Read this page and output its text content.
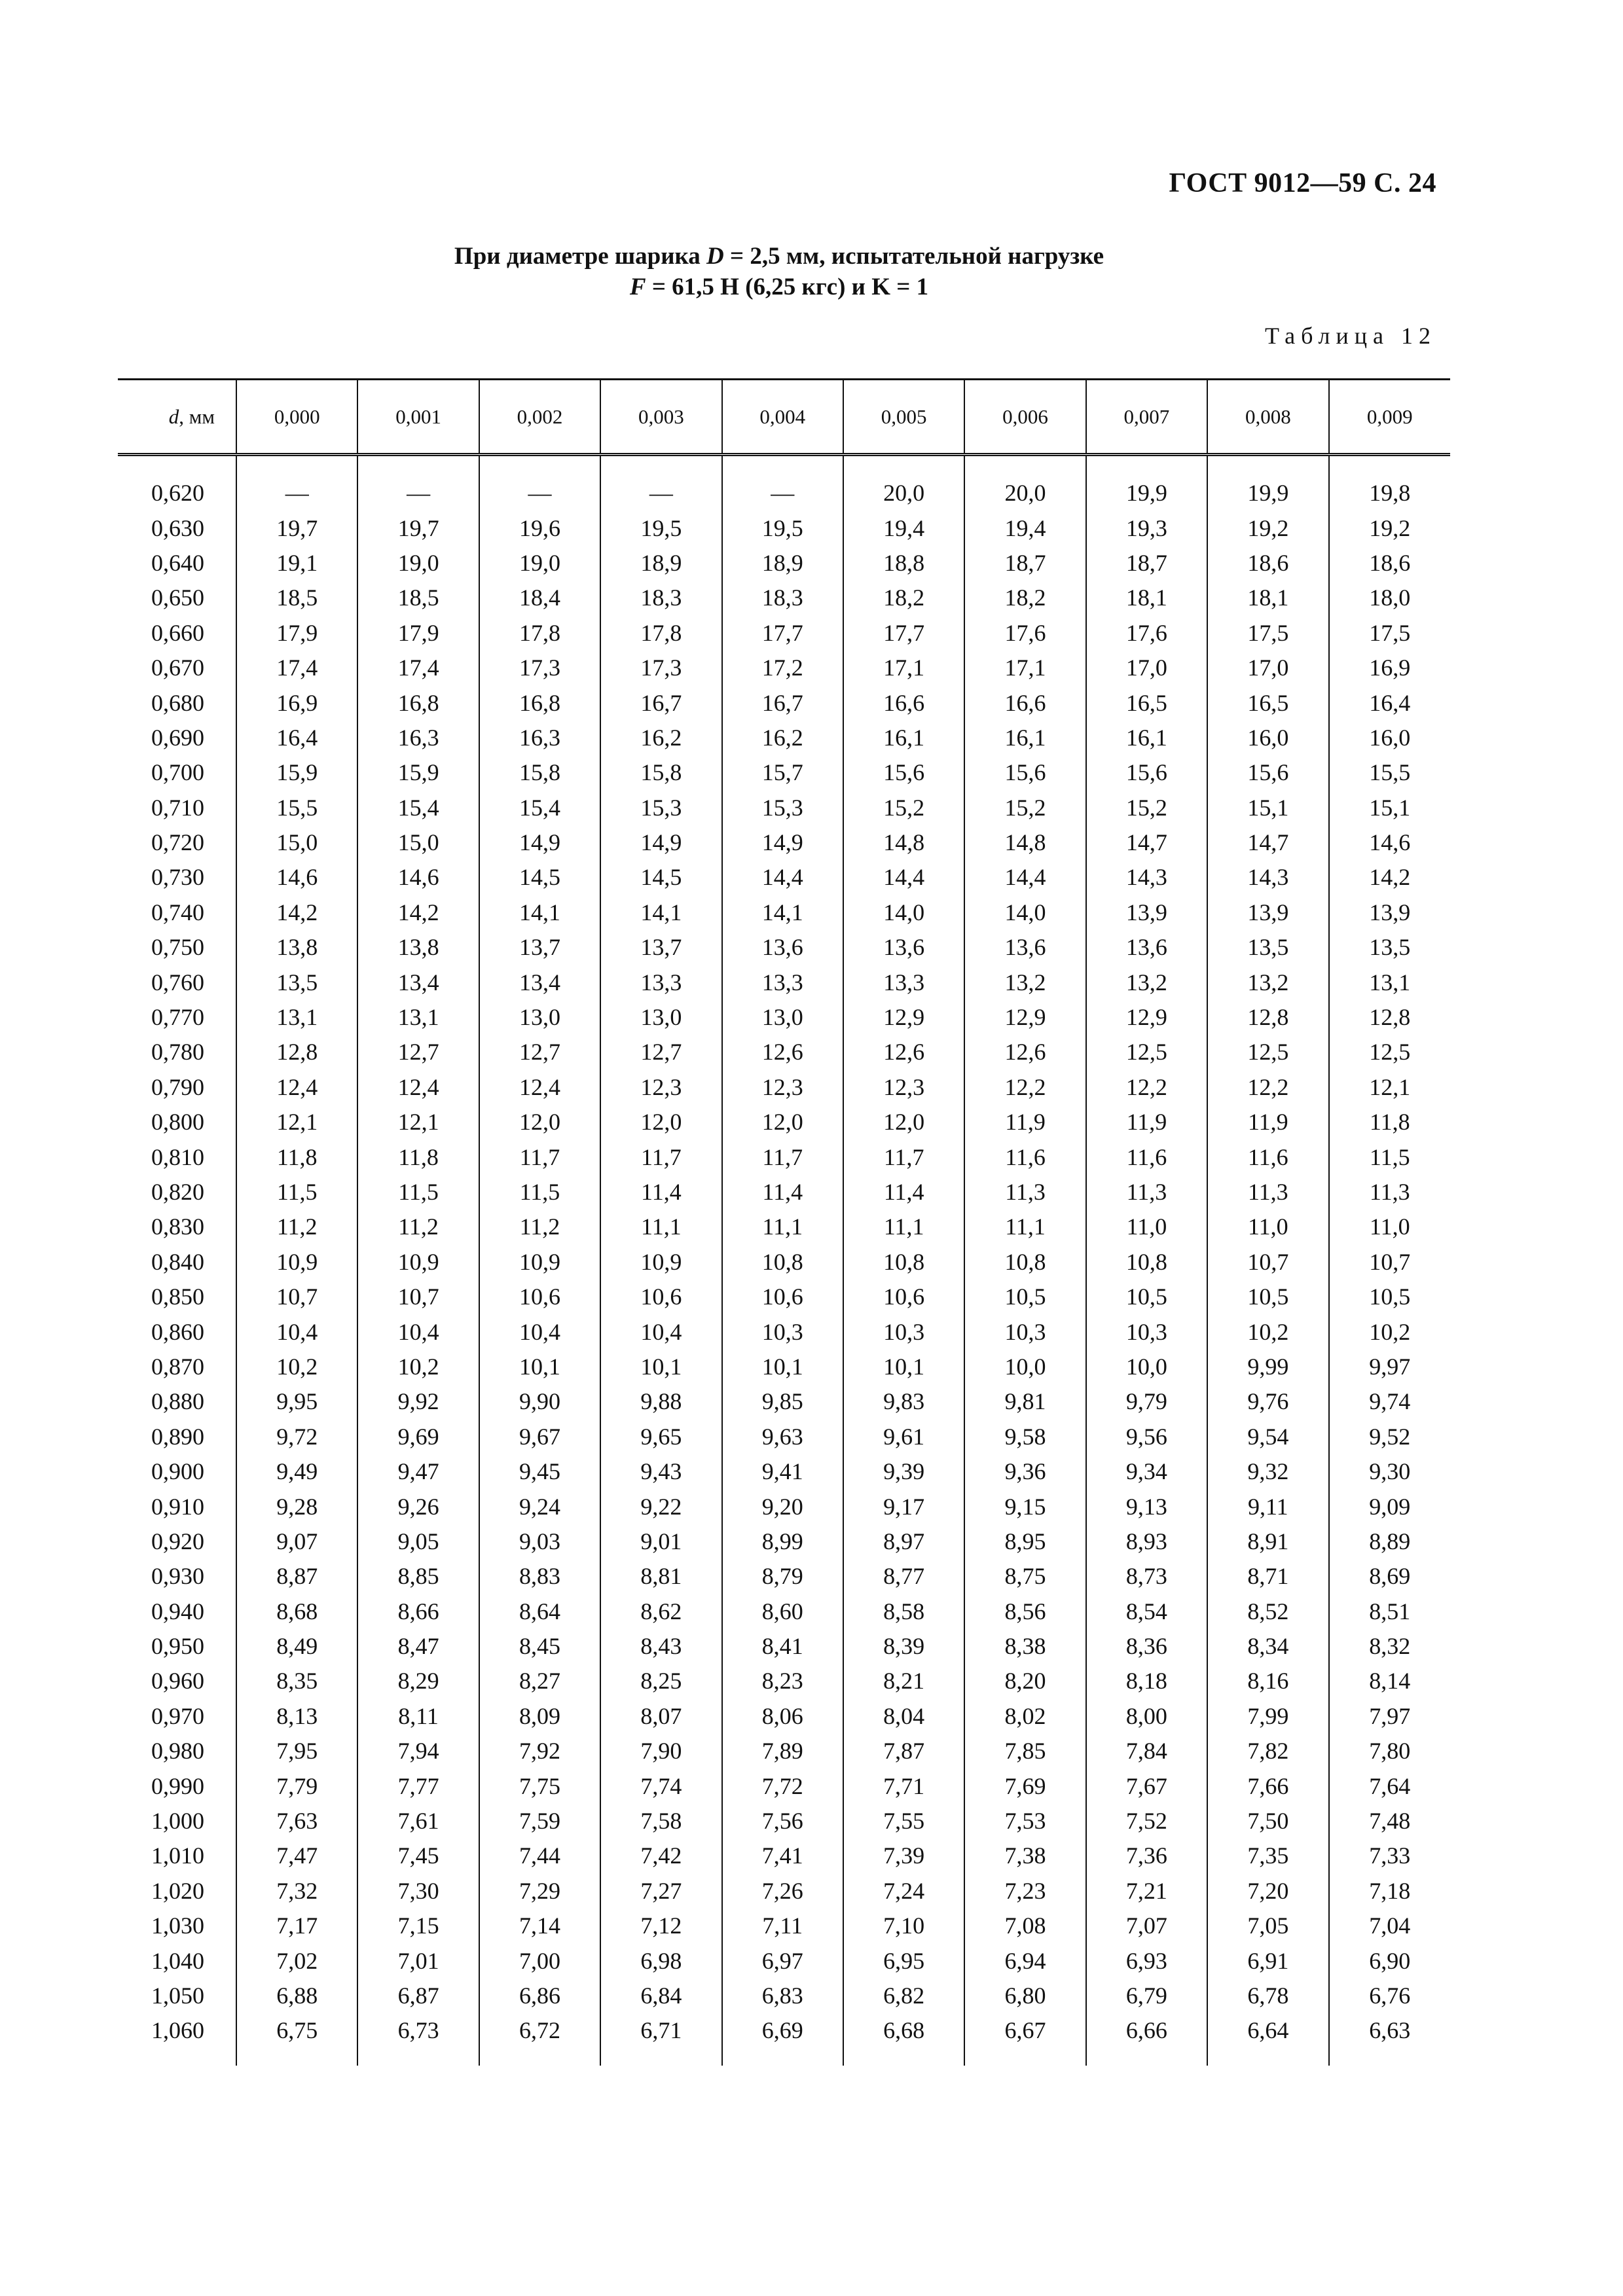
ГОСТ 9012—59 С. 24
При диаметре шарика D = 2,5 мм, испытательной нагрузке
F = 61,5 Н (6,25 кгс) и K = 1
Таблица 12
d, мм	0,000	0,001	0,002	0,003	0,004	0,005	0,006	0,007	0,008	0,009
0,620	—	—	—	—	—	20,0	20,0	19,9	19,9	19,8
0,630	19,7	19,7	19,6	19,5	19,5	19,4	19,4	19,3	19,2	19,2
0,640	19,1	19,0	19,0	18,9	18,9	18,8	18,7	18,7	18,6	18,6
0,650	18,5	18,5	18,4	18,3	18,3	18,2	18,2	18,1	18,1	18,0
0,660	17,9	17,9	17,8	17,8	17,7	17,7	17,6	17,6	17,5	17,5
0,670	17,4	17,4	17,3	17,3	17,2	17,1	17,1	17,0	17,0	16,9
0,680	16,9	16,8	16,8	16,7	16,7	16,6	16,6	16,5	16,5	16,4
0,690	16,4	16,3	16,3	16,2	16,2	16,1	16,1	16,1	16,0	16,0
0,700	15,9	15,9	15,8	15,8	15,7	15,6	15,6	15,6	15,6	15,5
0,710	15,5	15,4	15,4	15,3	15,3	15,2	15,2	15,2	15,1	15,1
0,720	15,0	15,0	14,9	14,9	14,9	14,8	14,8	14,7	14,7	14,6
0,730	14,6	14,6	14,5	14,5	14,4	14,4	14,4	14,3	14,3	14,2
0,740	14,2	14,2	14,1	14,1	14,1	14,0	14,0	13,9	13,9	13,9
0,750	13,8	13,8	13,7	13,7	13,6	13,6	13,6	13,6	13,5	13,5
0,760	13,5	13,4	13,4	13,3	13,3	13,3	13,2	13,2	13,2	13,1
0,770	13,1	13,1	13,0	13,0	13,0	12,9	12,9	12,9	12,8	12,8
0,780	12,8	12,7	12,7	12,7	12,6	12,6	12,6	12,5	12,5	12,5
0,790	12,4	12,4	12,4	12,3	12,3	12,3	12,2	12,2	12,2	12,1
0,800	12,1	12,1	12,0	12,0	12,0	12,0	11,9	11,9	11,9	11,8
0,810	11,8	11,8	11,7	11,7	11,7	11,7	11,6	11,6	11,6	11,5
0,820	11,5	11,5	11,5	11,4	11,4	11,4	11,3	11,3	11,3	11,3
0,830	11,2	11,2	11,2	11,1	11,1	11,1	11,1	11,0	11,0	11,0
0,840	10,9	10,9	10,9	10,9	10,8	10,8	10,8	10,8	10,7	10,7
0,850	10,7	10,7	10,6	10,6	10,6	10,6	10,5	10,5	10,5	10,5
0,860	10,4	10,4	10,4	10,4	10,3	10,3	10,3	10,3	10,2	10,2
0,870	10,2	10,2	10,1	10,1	10,1	10,1	10,0	10,0	9,99	9,97
0,880	9,95	9,92	9,90	9,88	9,85	9,83	9,81	9,79	9,76	9,74
0,890	9,72	9,69	9,67	9,65	9,63	9,61	9,58	9,56	9,54	9,52
0,900	9,49	9,47	9,45	9,43	9,41	9,39	9,36	9,34	9,32	9,30
0,910	9,28	9,26	9,24	9,22	9,20	9,17	9,15	9,13	9,11	9,09
0,920	9,07	9,05	9,03	9,01	8,99	8,97	8,95	8,93	8,91	8,89
0,930	8,87	8,85	8,83	8,81	8,79	8,77	8,75	8,73	8,71	8,69
0,940	8,68	8,66	8,64	8,62	8,60	8,58	8,56	8,54	8,52	8,51
0,950	8,49	8,47	8,45	8,43	8,41	8,39	8,38	8,36	8,34	8,32
0,960	8,35	8,29	8,27	8,25	8,23	8,21	8,20	8,18	8,16	8,14
0,970	8,13	8,11	8,09	8,07	8,06	8,04	8,02	8,00	7,99	7,97
0,980	7,95	7,94	7,92	7,90	7,89	7,87	7,85	7,84	7,82	7,80
0,990	7,79	7,77	7,75	7,74	7,72	7,71	7,69	7,67	7,66	7,64
1,000	7,63	7,61	7,59	7,58	7,56	7,55	7,53	7,52	7,50	7,48
1,010	7,47	7,45	7,44	7,42	7,41	7,39	7,38	7,36	7,35	7,33
1,020	7,32	7,30	7,29	7,27	7,26	7,24	7,23	7,21	7,20	7,18
1,030	7,17	7,15	7,14	7,12	7,11	7,10	7,08	7,07	7,05	7,04
1,040	7,02	7,01	7,00	6,98	6,97	6,95	6,94	6,93	6,91	6,90
1,050	6,88	6,87	6,86	6,84	6,83	6,82	6,80	6,79	6,78	6,76
1,060	6,75	6,73	6,72	6,71	6,69	6,68	6,67	6,66	6,64	6,63
